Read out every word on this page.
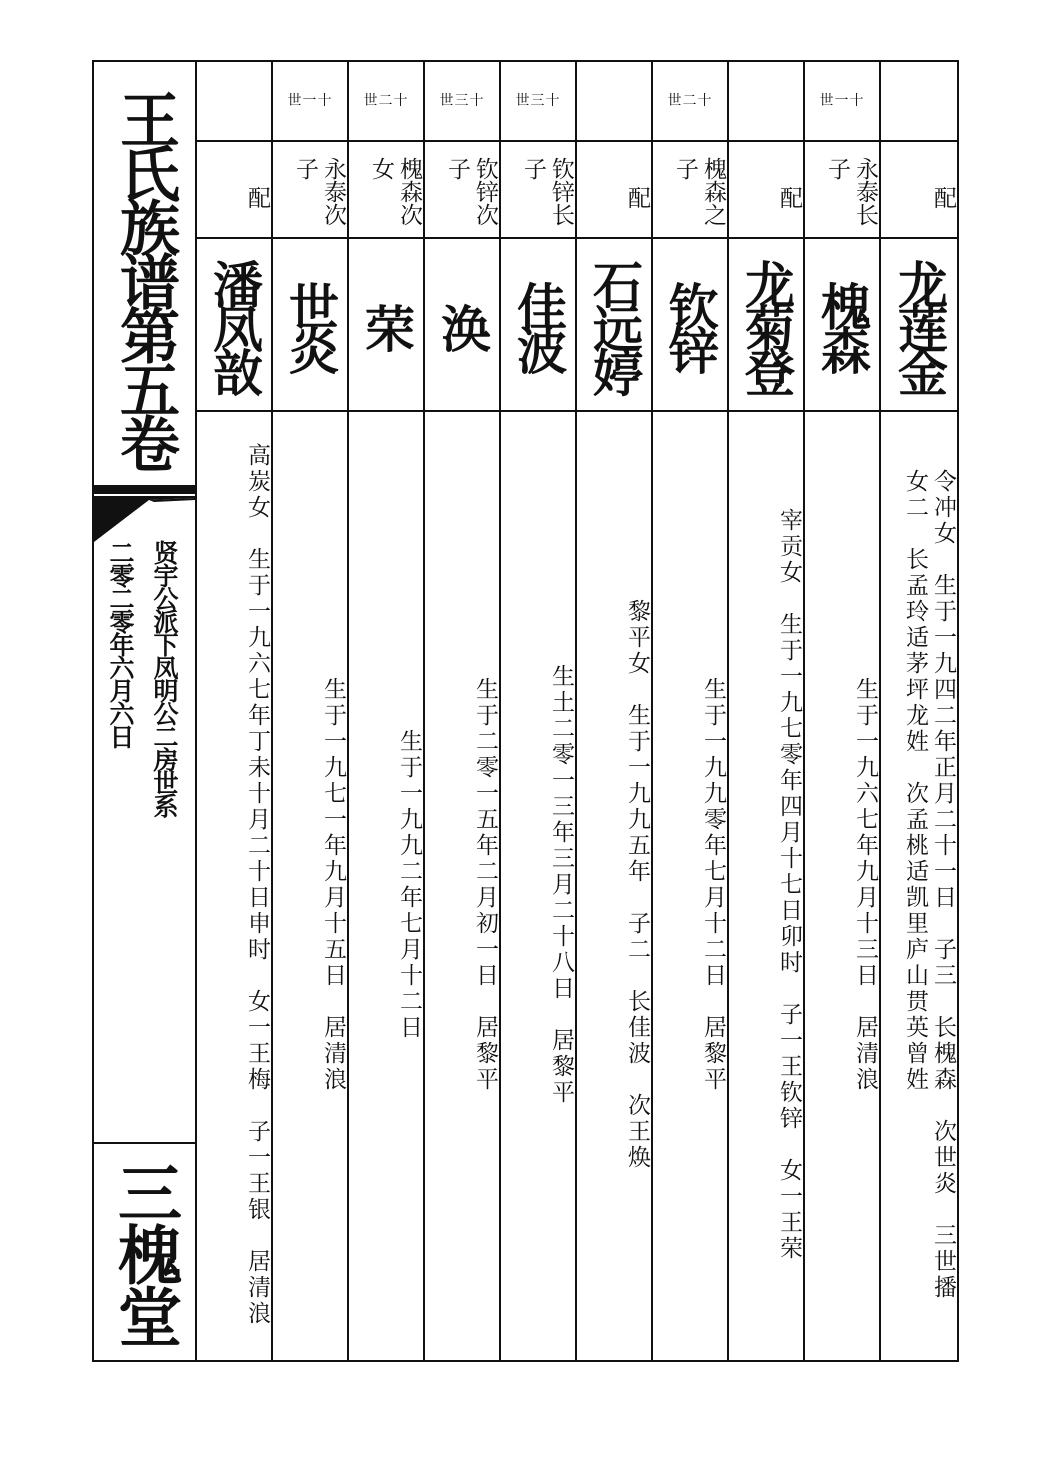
王氏族谱第五卷
贤宇公派下凤明公二房世系
二零二零年六月六日
三槐堂
配
潘凤敨
高炭女　生于一九六七年丁未十月二十日申时　女一王梅　子一王银　居清浪
世一十
永泰次子
世炎
生于一九七一年九月十五日　居清浪
世二十
槐森次女
荣
生于一九九二年七月十二日
世三十
钦锌次子
涣
生于二零一五年二月初一日　居黎平
世三十
钦锌长子
佳波
生土二零一三年三月二十八日　居黎平
配
石远婷
黎平女　生于一九九五年　子二　长佳波　次王焕
世二十
槐森之子
钦锌
生于一九九零年七月十二日　居黎平
配
龙菊登
宰贡女　生于一九七零年四月十七日卯时　子一王钦锌　女一王荣
世一十
永泰长子
槐森
生于一九六七年九月十三日　居清浪
配
龙莲金
令冲女　生于一九四二年正月二十一日　子三　长槐森　次世炎　三世播
女二　长孟玲适茅坪龙姓　次孟桃适凯里庐山贯英曾姓
